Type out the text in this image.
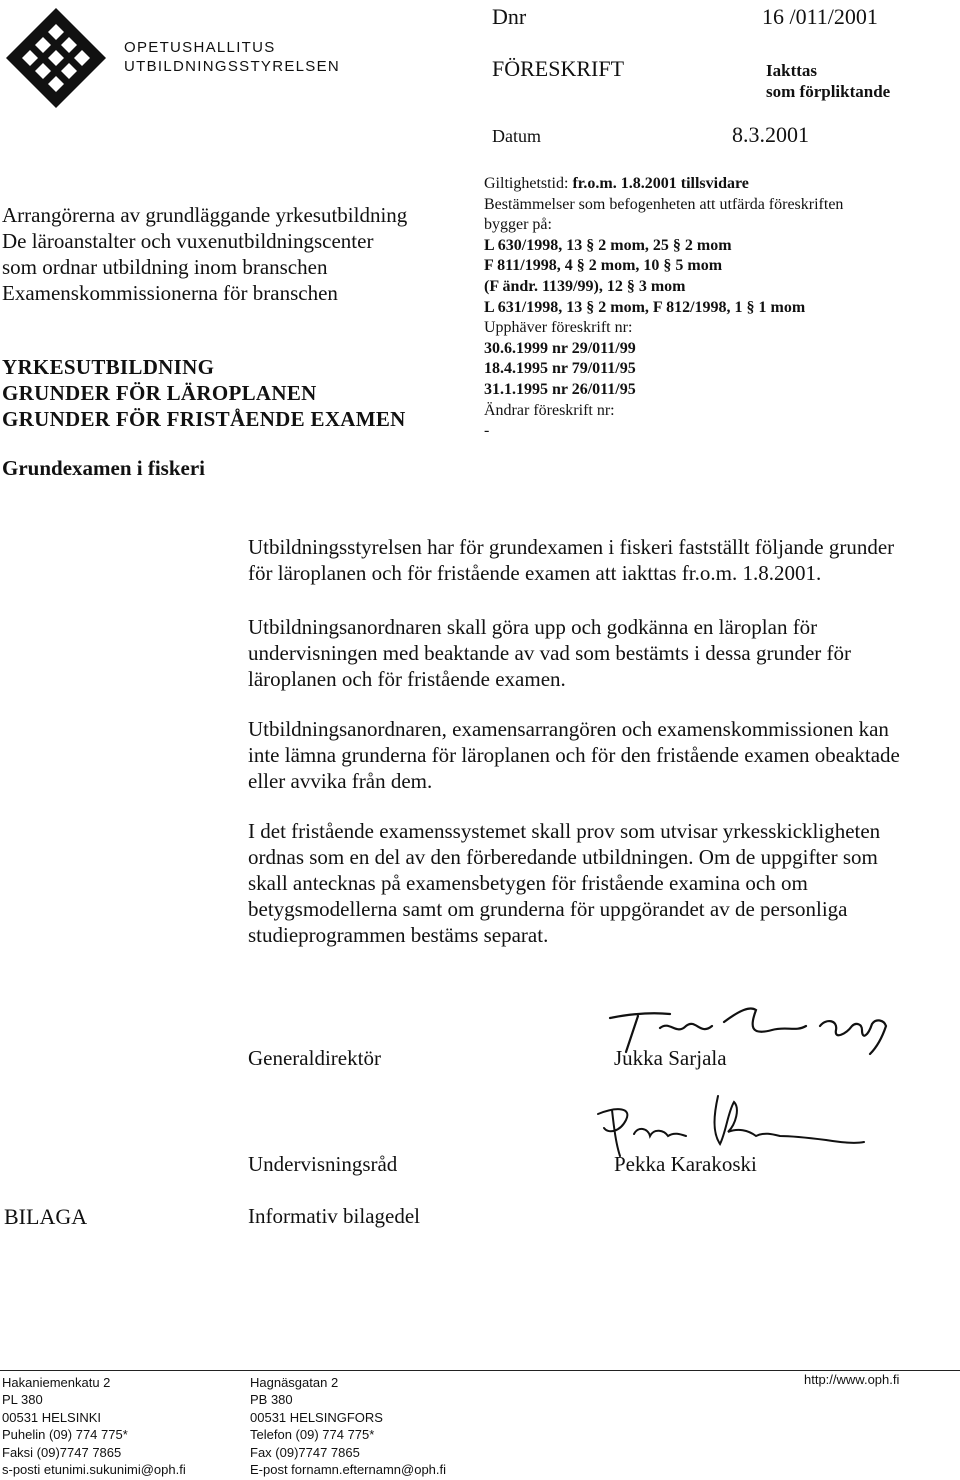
OPETUSHALLITUS
UTBILDNINGSSTYRELSEN
Dnr	16 /011/2001
FÖRESKRIFT	Iakttas
som förpliktande
Datum	8.3.2001
Arrangörerna av grundläggande yrkesutbildning
De läroanstalter och vuxenutbildningscenter
som ordnar utbildning inom branschen
Examenskommissionerna för branschen
YRKESUTBILDNING
GRUNDER FÖR LÄROPLANEN
GRUNDER FÖR FRISTÅENDE EXAMEN
Grundexamen i fiskeri
Giltighetstid: fr.o.m. 1.8.2001 tillsvidare
Bestämmelser som befogenheten att utfärda föreskriften
bygger på:
L 630/1998, 13 § 2 mom, 25 § 2 mom
F 811/1998, 4 § 2 mom, 10 § 5 mom
(F ändr. 1139/99), 12 § 3 mom
L 631/1998, 13 § 2 mom, F 812/1998, 1 § 1 mom
Upphäver föreskrift nr:
30.6.1999 nr 29/011/99
18.4.1995 nr 79/011/95
31.1.1995 nr 26/011/95
Ändrar föreskrift nr:
-

Utbildningsstyrelsen har för grundexamen i fiskeri fastställt följande grunder
för läroplanen och för fristående examen att iakttas fr.o.m. 1.8.2001.

Utbildningsanordnaren skall göra upp och godkänna en läroplan för
undervisningen med beaktande av vad som bestämts i dessa grunder för
läroplanen och för fristående examen.

Utbildningsanordnaren, examensarrangören och examenskommissionen kan
inte lämna grunderna för läroplanen och för den fristående examen obeaktade
eller avvika från dem.

I det fristående examenssystemet skall prov som utvisar yrkesskickligheten
ordnas som en del av den förberedande utbildningen. Om de uppgifter som
skall antecknas på examensbetygen för fristående examina och om
betygsmodellerna samt om grunderna för uppgörandet av de personliga
studieprogrammen bestäms separat.

Generaldirektör	Jukka Sarjala
Undervisningsråd	Pekka Karakoski
BILAGA	Informativ bilagedel
Hakaniemenkatu 2
PL 380
00531 HELSINKI
Puhelin (09) 774 775*
Faksi (09)7747 7865
s-posti etunimi.sukunimi@oph.fi
Hagnäsgatan 2
PB 380
00531 HELSINGFORS
Telefon (09) 774 775*
Fax (09)7747 7865
E-post fornamn.efternamn@oph.fi
http://www.oph.fi
